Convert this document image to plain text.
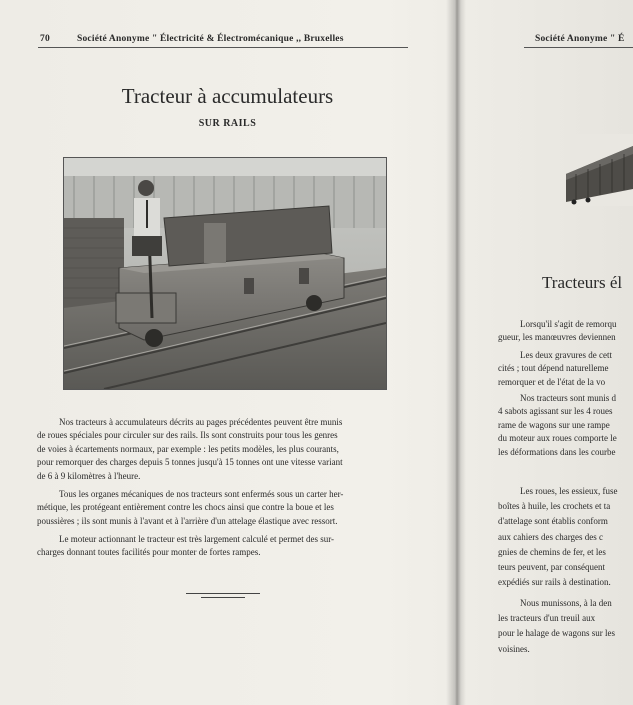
70	Société Anonyme " Électricité & Électromécanique ,, Bruxelles
Tracteur à accumulateurs
SUR RAILS
Nos tracteurs à accumulateurs décrits au pages précédentes peuvent être munis
de roues spéciales pour circuler sur des rails. Ils sont construits pour tous les genres
de voies à écartements normaux, par exemple : les petits modèles, les plus courants,
pour remorquer des charges depuis 5 tonnes jusqu'à 15 tonnes ont une vitesse variant
de 6 à 9 kilomètres à l'heure.
Tous les organes mécaniques de nos tracteurs sont enfermés sous un carter her-
métique, les protégeant entièrement contre les chocs ainsi que contre la boue et les
poussières ; ils sont munis à l'avant et à l'arrière d'un attelage élastique avec ressort.
Le moteur actionnant le tracteur est très largement calculé et permet des sur-
charges donnant toutes facilités pour monter de fortes rampes.
Société Anonyme " É
Tracteurs él
Lorsqu'il s'agit de remorqu
gueur, les manœuvres deviennen
Les deux gravures de cett
cités ; tout dépend naturelleme
remorquer et de l'état de la vo
Nos tracteurs sont munis d
4 sabots agissant sur les 4 roues
rame de wagons sur une rampe
du moteur aux roues comporte le
les déformations dans les courbe
Les roues, les essieux, fuse
boîtes à huile, les crochets et ta
d'attelage sont établis conform
aux cahiers des charges des c
gnies de chemins de fer, et les
teurs peuvent, par conséquent
expédiés sur rails à destination.
Nous munissons, à la den
les tracteurs d'un treuil aux
pour le halage de wagons sur les
voisines.
